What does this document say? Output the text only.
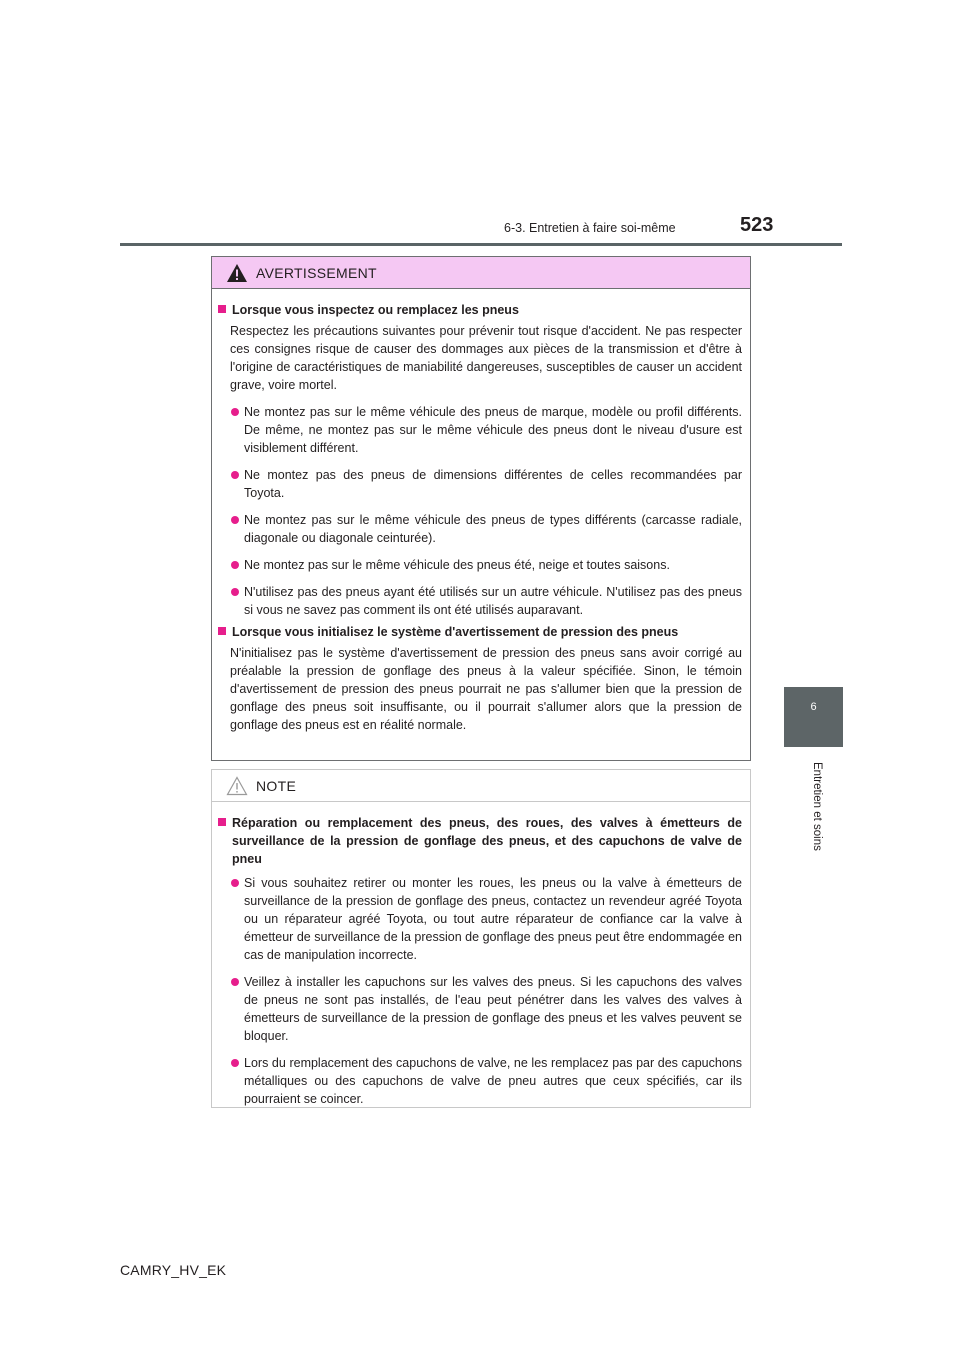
6-3. Entretien à faire soi-même	523
6
Entretien et soins
AVERTISSEMENT
Lorsque vous inspectez ou remplacez les pneus
Respectez les précautions suivantes pour prévenir tout risque d'accident. Ne pas respecter ces consignes risque de causer des dommages aux pièces de la transmission et d'être à l'origine de caractéristiques de maniabilité dangereuses, susceptibles de causer un accident grave, voire mortel.
Ne montez pas sur le même véhicule des pneus de marque, modèle ou profil différents. De même, ne montez pas sur le même véhicule des pneus dont le niveau d'usure est visiblement différent.
Ne montez pas des pneus de dimensions différentes de celles recommandées par Toyota.
Ne montez pas sur le même véhicule des pneus de types différents (carcasse radiale, diagonale ou diagonale ceinturée).
Ne montez pas sur le même véhicule des pneus été, neige et toutes saisons.
N'utilisez pas des pneus ayant été utilisés sur un autre véhicule. N'utilisez pas des pneus si vous ne savez pas comment ils ont été utilisés auparavant.
Lorsque vous initialisez le système d'avertissement de pression des pneus
N'initialisez pas le système d'avertissement de pression des pneus sans avoir corrigé au préalable la pression de gonflage des pneus à la valeur spécifiée. Sinon, le témoin d'avertissement de pression des pneus pourrait ne pas s'allumer bien que la pression de gonflage des pneus soit insuffisante, ou il pourrait s'allumer alors que la pression de gonflage des pneus est en réalité normale.
NOTE
Réparation ou remplacement des pneus, des roues, des valves à émetteurs de surveillance de la pression de gonflage des pneus, et des capuchons de valve de pneu
Si vous souhaitez retirer ou monter les roues, les pneus ou la valve à émetteurs de surveillance de la pression de gonflage des pneus, contactez un revendeur agréé Toyota ou un réparateur agréé Toyota, ou tout autre réparateur de confiance car la valve à émetteur de surveillance de la pression de gonflage des pneus peut être endommagée en cas de manipulation incorrecte.
Veillez à installer les capuchons sur les valves des pneus. Si les capuchons des valves de pneus ne sont pas installés, de l'eau peut pénétrer dans les valves des valves à émetteurs de surveillance de la pression de gonflage des pneus et les valves peuvent se bloquer.
Lors du remplacement des capuchons de valve, ne les remplacez pas par des capuchons métalliques ou des capuchons de valve de pneu autres que ceux spécifiés, car ils pourraient se coincer.
CAMRY_HV_EK
